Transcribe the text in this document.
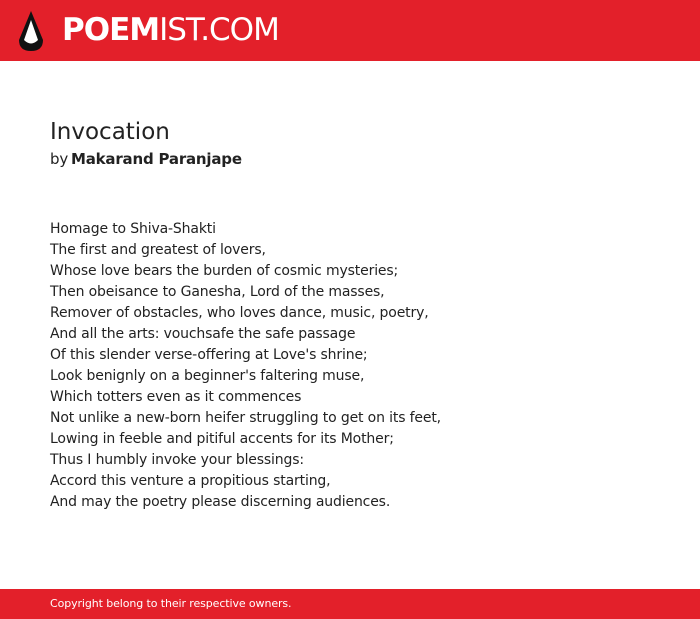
POEMIST.COM
Invocation
by Makarand Paranjape
Homage to Shiva-Shakti
The first and greatest of lovers,
Whose love bears the burden of cosmic mysteries;
Then obeisance to Ganesha, Lord of the masses,
Remover of obstacles, who loves dance, music, poetry,
And all the arts: vouchsafe the safe passage
Of this slender verse-offering at Love's shrine;
Look benignly on a beginner's faltering muse,
Which totters even as it commences
Not unlike a new-born heifer struggling to get on its feet,
Lowing in feeble and pitiful accents for its Mother;
Thus I humbly invoke your blessings:
Accord this venture a propitious starting,
And may the poetry please discerning audiences.
Copyright belong to their respective owners.
